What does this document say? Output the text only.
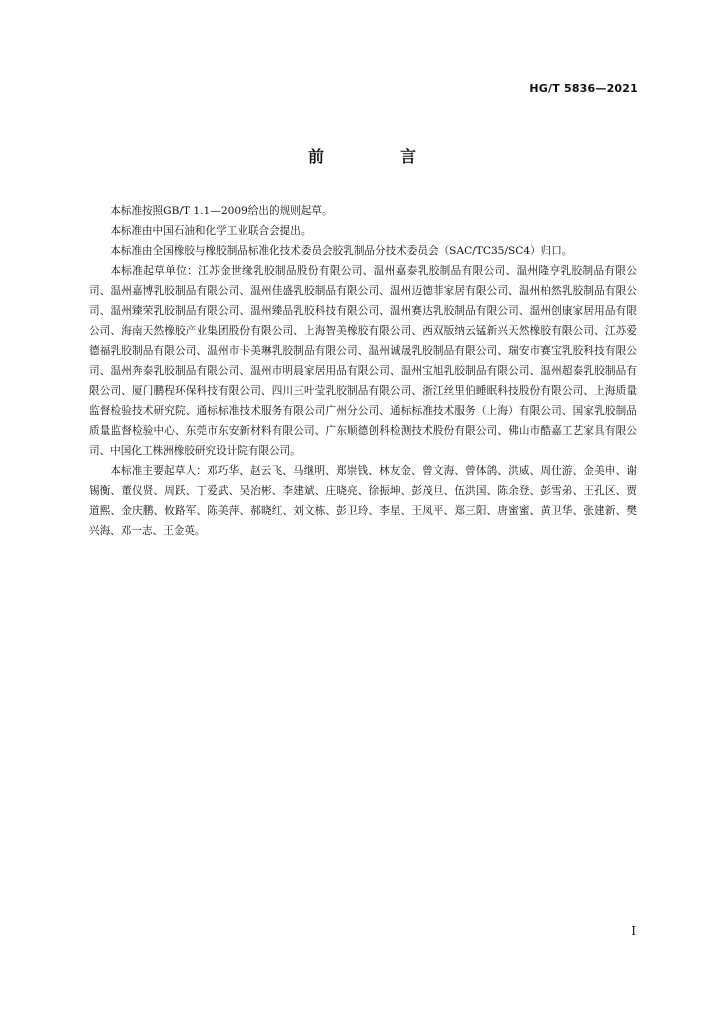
HG/T 5836—2021
前　言

本标准按照GB/T 1.1—2009给出的规则起草。

本标准由中国石油和化学工业联合会提出。

本标准由全国橡胶与橡胶制品标准化技术委员会胶乳制品分技术委员会（SAC/TC35/SC4）归口。

本标准起草单位：江苏金世缘乳胶制品股份有限公司、温州嘉泰乳胶制品有限公司、温州隆亨乳胶制品有限公司、温州嘉博乳胶制品有限公司、温州佳盛乳胶制品有限公司、温州迈德菲家居有限公司、温州柏然乳胶制品有限公司、温州臻荣乳胶制品有限公司、温州臻品乳胶科技有限公司、温州赛达乳胶制品有限公司、温州创康家居用品有限公司、海南天然橡胶产业集团股份有限公司、上海智美橡胶有限公司、西双版纳云锰新兴天然橡胶有限公司、江苏爱德福乳胶制品有限公司、温州市卡美琳乳胶制品有限公司、温州诚晟乳胶制品有限公司、瑞安市赛宝乳胶科技有限公司、温州奔泰乳胶制品有限公司、温州市明晨家居用品有限公司、温州宝旭乳胶制品有限公司、温州超泰乳胶制品有限公司、厦门鹏程环保科技有限公司、四川三叶莹乳胶制品有限公司、浙江丝里伯睡眠科技股份有限公司、上海质量监督检验技术研究院、通标标准技术服务有限公司广州分公司、通标标准技术服务（上海）有限公司、国家乳胶制品质量监督检验中心、东莞市东安新材料有限公司、广东顺德创科检测技术股份有限公司、佛山市酷嘉工艺家具有限公司、中国化工株洲橡胶研究设计院有限公司。

本标准主要起草人：邓巧华、赵云飞、马继明、郑崇钱、林友金、曾文海、曾体鸽、洪威、周仕游、金美申、谢锡衡、董仪贤、周跃、丁爱武、吴冶彬、李建斌、庄晓亮、徐振坤、彭茂旦、伍洪国、陈余登、彭雪弟、王孔区、贾道熙、金庆鹏、攸路军、陈美萍、郝晓红、刘文栋、彭卫玲、李星、王凤平、郑三阳、唐蜜蜜、黄卫华、张建新、樊兴海、邓一志、王金英。

I
